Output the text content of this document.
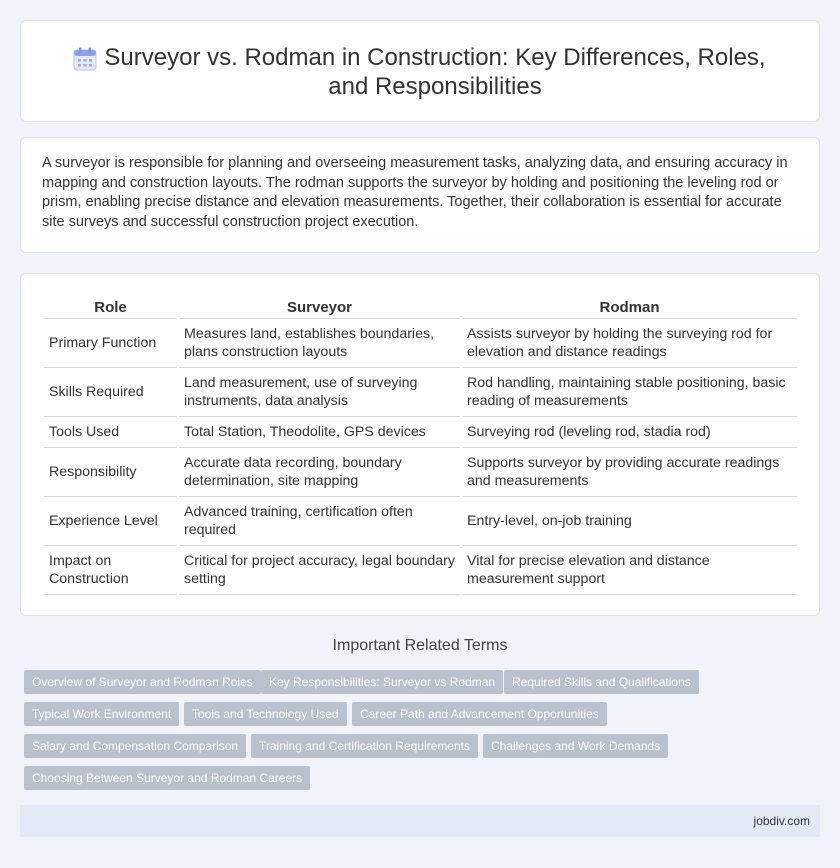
Surveyor vs. Rodman in Construction: Key Differences, Roles, and Responsibilities

A surveyor is responsible for planning and overseeing measurement tasks, analyzing data, and ensuring accuracy in mapping and construction layouts. The rodman supports the surveyor by holding and positioning the leveling rod or prism, enabling precise distance and elevation measurements. Together, their collaboration is essential for accurate site surveys and successful construction project execution.

Role	Surveyor	Rodman
Primary Function	Measures land, establishes boundaries, plans construction layouts	Assists surveyor by holding the surveying rod for elevation and distance readings
Skills Required	Land measurement, use of surveying instruments, data analysis	Rod handling, maintaining stable positioning, basic reading of measurements
Tools Used	Total Station, Theodolite, GPS devices	Surveying rod (leveling rod, stadia rod)
Responsibility	Accurate data recording, boundary determination, site mapping	Supports surveyor by providing accurate readings and measurements
Experience Level	Advanced training, certification often required	Entry-level, on-job training
Impact on Construction	Critical for project accuracy, legal boundary setting	Vital for precise elevation and distance measurement support
Important Related Terms
Overview of Surveyor and Rodman Roles	Key Responsibilities: Surveyor vs Rodman	Required Skills and Qualifications
Typical Work Environment	Tools and Technology Used	Career Path and Advancement Opportunities
Salary and Compensation Comparison	Training and Certification Requirements	Challenges and Work Demands
Choosing Between Surveyor and Rodman Careers
jobdiv.com
